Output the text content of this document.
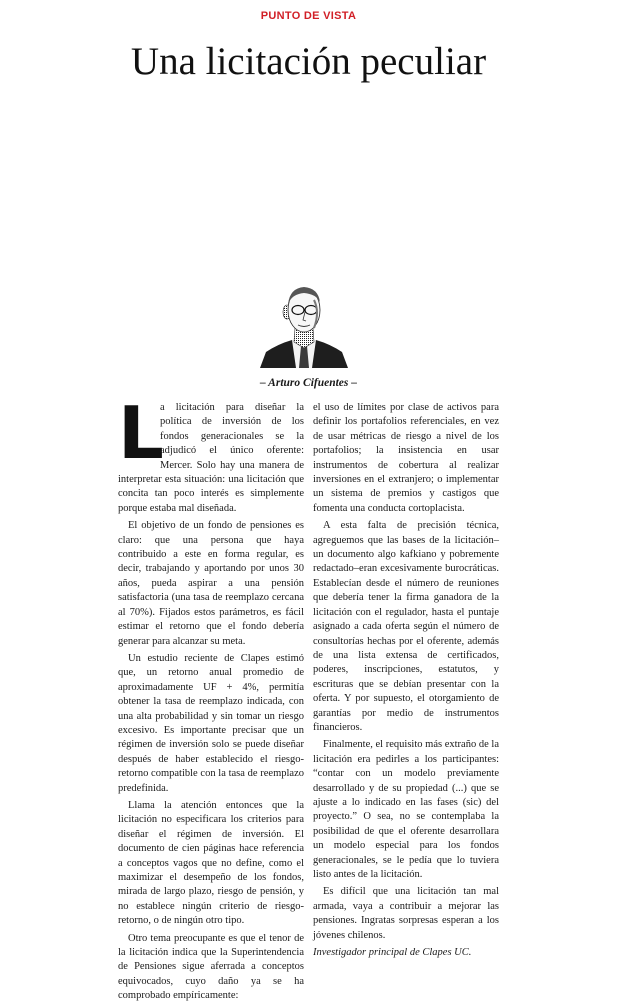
PUNTO DE VISTA
Una licitación peculiar
– Arturo Cifuentes –

L
a licitación para diseñar la política de inversión de los fondos generacionales se la adjudicó el único oferente: Mercer. Solo hay una manera de interpretar esta situación: una licitación que concita tan poco interés es simplemente porque estaba mal diseñada.

El objetivo de un fondo de pensiones es claro: que una persona que haya contribuido a este en forma regular, es decir, trabajando y aportando por unos 30 años, pueda aspirar a una pensión satisfactoria (una tasa de reemplazo cercana al 70%). Fijados estos parámetros, es fácil estimar el retorno que el fondo debería generar para alcanzar su meta.

Un estudio reciente de Clapes estimó que, un retorno anual promedio de aproximadamente UF + 4%, permitía obtener la tasa de reemplazo indicada, con una alta probabilidad y sin tomar un riesgo excesivo. Es importante precisar que un régimen de inversión solo se puede diseñar después de haber establecido el riesgo-retorno compatible con la tasa de reemplazo predefinida.

Llama la atención entonces que la licitación no especificara los criterios para diseñar el régimen de inversión. El documento de cien páginas hace referencia a conceptos vagos que no define, como el maximizar el desempeño de los fondos, mirada de largo plazo, riesgo de pensión, y no establece ningún criterio de riesgo-retorno, o de ningún otro tipo.

Otro tema preocupante es que el tenor de la licitación indica que la Superintendencia de Pensiones sigue aferrada a conceptos equivocados, cuyo daño ya se ha comprobado empíricamente:

el uso de límites por clase de activos para definir los portafolios referenciales, en vez de usar métricas de riesgo a nivel de los portafolios; la insistencia en usar instrumentos de cobertura al realizar inversiones en el extranjero; o implementar un sistema de premios y castigos que fomenta una conducta cortoplacista.

A esta falta de precisión técnica, agreguemos que las bases de la licitación– un documento algo kafkiano y pobremente redactado–eran excesivamente burocráticas. Establecían desde el número de reuniones que debería tener la firma ganadora de la licitación con el regulador, hasta el puntaje asignado a cada oferta según el número de consultorías hechas por el oferente, además de una lista extensa de certificados, poderes, inscripciones, estatutos, y escrituras que se debían presentar con la oferta. Y por supuesto, el otorgamiento de garantías por medio de instrumentos financieros.

Finalmente, el requisito más extraño de la licitación era pedirles a los participantes: “contar con un modelo previamente desarrollado y de su propiedad (...) que se ajuste a lo indicado en las fases (sic) del proyecto.” O sea, no se contemplaba la posibilidad de que el oferente desarrollara un modelo especial para los fondos generacionales, se le pedía que lo tuviera listo antes de la licitación.

Es difícil que una licitación tan mal armada, vaya a contribuir a mejorar las pensiones. Ingratas sorpresas esperan a los jóvenes chilenos.

Investigador principal de Clapes UC.
